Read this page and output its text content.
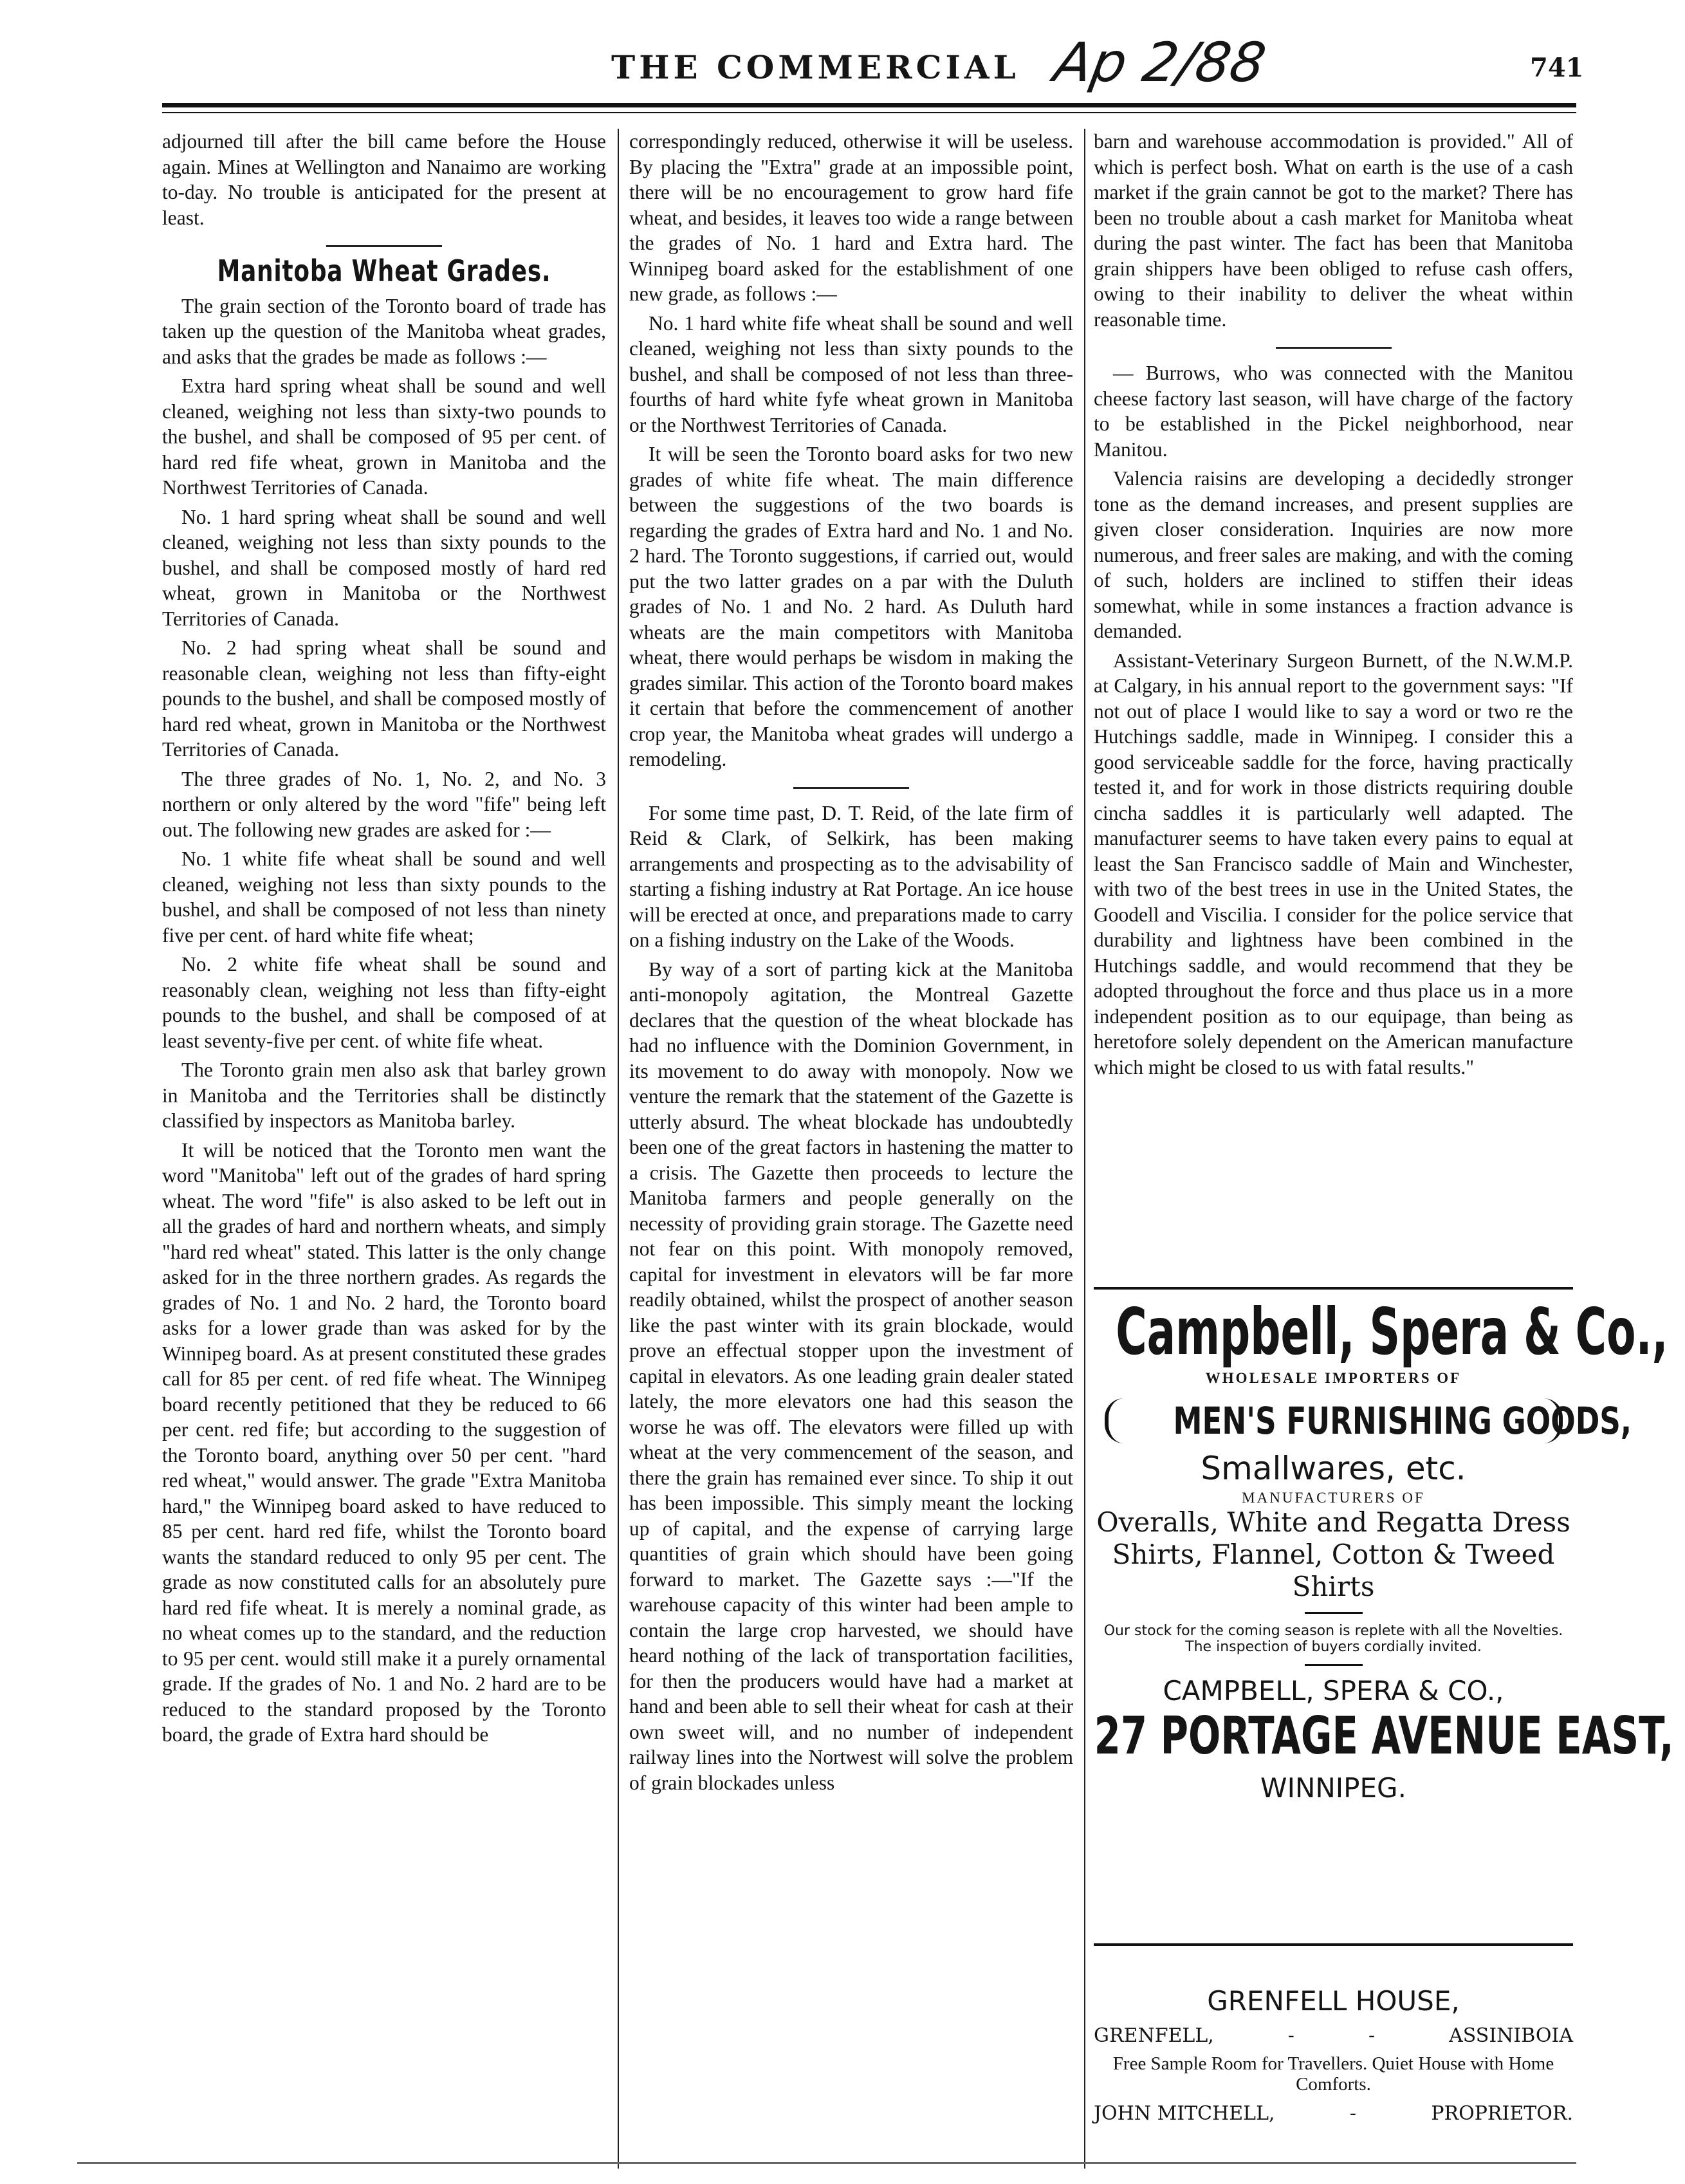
THE COMMERCIAL Ap 2/88	741

adjourned till after the bill came before the House again. Mines at Wellington and Nanaimo are working to-day. No trouble is anticipated for the present at least.

Manitoba Wheat Grades.

The grain section of the Toronto board of trade has taken up the question of the Manitoba wheat grades, and asks that the grades be made as follows :—

Extra hard spring wheat shall be sound and well cleaned, weighing not less than sixty-two pounds to the bushel, and shall be composed of 95 per cent. of hard red fife wheat, grown in Manitoba and the Northwest Territories of Canada.

No. 1 hard spring wheat shall be sound and well cleaned, weighing not less than sixty pounds to the bushel, and shall be composed mostly of hard red wheat, grown in Manitoba or the Northwest Territories of Canada.

No. 2 had spring wheat shall be sound and reasonable clean, weighing not less than fifty-eight pounds to the bushel, and shall be composed mostly of hard red wheat, grown in Manitoba or the Northwest Territories of Canada.

The three grades of No. 1, No. 2, and No. 3 northern or only altered by the word "fife" being left out. The following new grades are asked for :—

No. 1 white fife wheat shall be sound and well cleaned, weighing not less than sixty pounds to the bushel, and shall be composed of not less than ninety five per cent. of hard white fife wheat;

No. 2 white fife wheat shall be sound and reasonably clean, weighing not less than fifty-eight pounds to the bushel, and shall be composed of at least seventy-five per cent. of white fife wheat.

The Toronto grain men also ask that barley grown in Manitoba and the Territories shall be distinctly classified by inspectors as Manitoba barley.

It will be noticed that the Toronto men want the word "Manitoba" left out of the grades of hard spring wheat. The word "fife" is also asked to be left out in all the grades of hard and northern wheats, and simply "hard red wheat" stated. This latter is the only change asked for in the three northern grades. As regards the grades of No. 1 and No. 2 hard, the Toronto board asks for a lower grade than was asked for by the Winnipeg board. As at present constituted these grades call for 85 per cent. of red fife wheat. The Winnipeg board recently petitioned that they be reduced to 66 per cent. red fife; but according to the suggestion of the Toronto board, anything over 50 per cent. "hard red wheat," would answer. The grade "Extra Manitoba hard," the Winnipeg board asked to have reduced to 85 per cent. hard red fife, whilst the Toronto board wants the standard reduced to only 95 per cent. The grade as now constituted calls for an absolutely pure hard red fife wheat. It is merely a nominal grade, as no wheat comes up to the standard, and the reduction to 95 per cent. would still make it a purely ornamental grade. If the grades of No. 1 and No. 2 hard are to be reduced to the standard proposed by the Toronto board, the grade of Extra hard should be

correspondingly reduced, otherwise it will be useless. By placing the "Extra" grade at an impossible point, there will be no encouragement to grow hard fife wheat, and besides, it leaves too wide a range between the grades of No. 1 hard and Extra hard. The Winnipeg board asked for the establishment of one new grade, as follows :—

No. 1 hard white fife wheat shall be sound and well cleaned, weighing not less than sixty pounds to the bushel, and shall be composed of not less than three-fourths of hard white fyfe wheat grown in Manitoba or the Northwest Territories of Canada.

It will be seen the Toronto board asks for two new grades of white fife wheat. The main difference between the suggestions of the two boards is regarding the grades of Extra hard and No. 1 and No. 2 hard. The Toronto suggestions, if carried out, would put the two latter grades on a par with the Duluth grades of No. 1 and No. 2 hard. As Duluth hard wheats are the main competitors with Manitoba wheat, there would perhaps be wisdom in making the grades similar. This action of the Toronto board makes it certain that before the commencement of another crop year, the Manitoba wheat grades will undergo a remodeling.

For some time past, D. T. Reid, of the late firm of Reid & Clark, of Selkirk, has been making arrangements and prospecting as to the advisability of starting a fishing industry at Rat Portage. An ice house will be erected at once, and preparations made to carry on a fishing industry on the Lake of the Woods.

By way of a sort of parting kick at the Manitoba anti-monopoly agitation, the Montreal Gazette declares that the question of the wheat blockade has had no influence with the Dominion Government, in its movement to do away with monopoly. Now we venture the remark that the statement of the Gazette is utterly absurd. The wheat blockade has undoubtedly been one of the great factors in hastening the matter to a crisis. The Gazette then proceeds to lecture the Manitoba farmers and people generally on the necessity of providing grain storage. The Gazette need not fear on this point. With monopoly removed, capital for investment in elevators will be far more readily obtained, whilst the prospect of another season like the past winter with its grain blockade, would prove an effectual stopper upon the investment of capital in elevators. As one leading grain dealer stated lately, the more elevators one had this season the worse he was off. The elevators were filled up with wheat at the very commencement of the season, and there the grain has remained ever since. To ship it out has been impossible. This simply meant the locking up of capital, and the expense of carrying large quantities of grain which should have been going forward to market. The Gazette says :—"If the warehouse capacity of this winter had been ample to contain the large crop harvested, we should have heard nothing of the lack of transportation facilities, for then the producers would have had a market at hand and been able to sell their wheat for cash at their own sweet will, and no number of independent railway lines into the Nortwest will solve the problem of grain blockades unless

barn and warehouse accommodation is provided." All of which is perfect bosh. What on earth is the use of a cash market if the grain cannot be got to the market? There has been no trouble about a cash market for Manitoba wheat during the past winter. The fact has been that Manitoba grain shippers have been obliged to refuse cash offers, owing to their inability to deliver the wheat within reasonable time.

— Burrows, who was connected with the Manitou cheese factory last season, will have charge of the factory to be established in the Pickel neighborhood, near Manitou.

Valencia raisins are developing a decidedly stronger tone as the demand increases, and present supplies are given closer consideration. Inquiries are now more numerous, and freer sales are making, and with the coming of such, holders are inclined to stiffen their ideas somewhat, while in some instances a fraction advance is demanded.

Assistant-Veterinary Surgeon Burnett, of the N.W.M.P. at Calgary, in his annual report to the government says: "If not out of place I would like to say a word or two re the Hutchings saddle, made in Winnipeg. I consider this a good serviceable saddle for the force, having practically tested it, and for work in those districts requiring double cincha saddles it is particularly well adapted. The manufacturer seems to have taken every pains to equal at least the San Francisco saddle of Main and Winchester, with two of the best trees in use in the United States, the Goodell and Viscilia. I consider for the police service that durability and lightness have been combined in the Hutchings saddle, and would recommend that they be adopted throughout the force and thus place us in a more independent position as to our equipage, than being as heretofore solely dependent on the American manufacture which might be closed to us with fatal results."

Campbell, Spera & Co.,
WHOLESALE IMPORTERS OF
MEN'S FURNISHING GOODS,
Smallwares, etc.
MANUFACTURERS OF
Overalls, White and Regatta Dress
Shirts, Flannel, Cotton & Tweed Shirts
Our stock for the coming season is replete with all the Novelties. The inspection of buyers cordially invited.
CAMPBELL, SPERA & CO.,
27 PORTAGE AVENUE EAST,
WINNIPEG.
GRENFELL HOUSE,
GRENFELL,	-	-	ASSINIBOIA
Free Sample Room for Travellers. Quiet House with Home Comforts.
JOHN MITCHELL,	-	PROPRIETOR.
